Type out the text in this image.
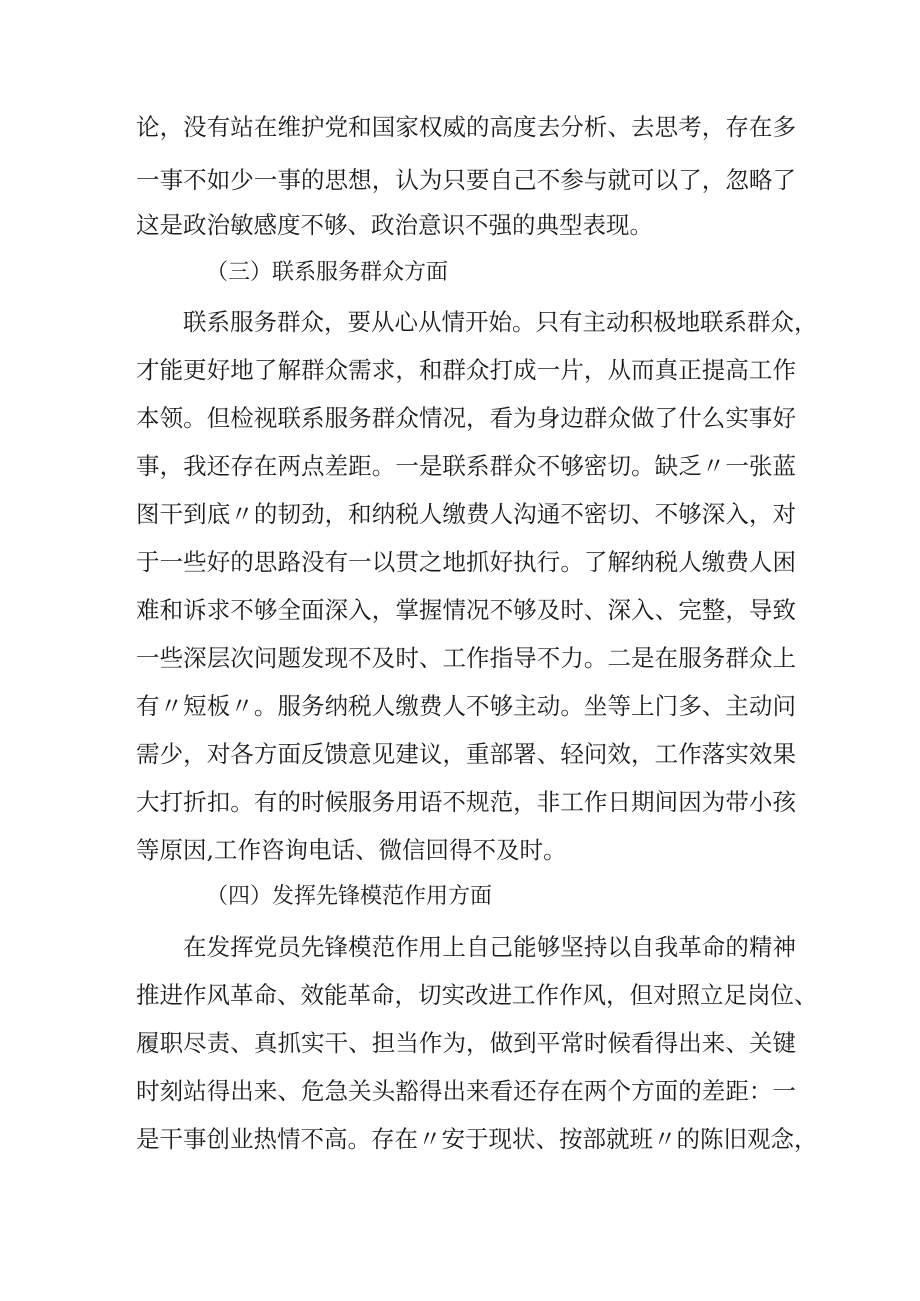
论，没有站在维护党和国家权威的高度去分析、去思考，存在多
一事不如少一事的思想，认为只要自己不参与就可以了，忽略了
这是政治敏感度不够、政治意识不强的典型表现。
（三）联系服务群众方面
联系服务群众，要从心从情开始。只有主动积极地联系群众，
才能更好地了解群众需求，和群众打成一片，从而真正提高工作
本领。但检视联系服务群众情况，看为身边群众做了什么实事好
事，我还存在两点差距。一是联系群众不够密切。缺乏〃一张蓝
图干到底〃的韧劲，和纳税人缴费人沟通不密切、不够深入，对
于一些好的思路没有一以贯之地抓好执行。了解纳税人缴费人困
难和诉求不够全面深入，掌握情况不够及时、深入、完整，导致
一些深层次问题发现不及时、工作指导不力。二是在服务群众上
有〃短板〃。服务纳税人缴费人不够主动。坐等上门多、主动问
需少，对各方面反馈意见建议，重部署、轻问效，工作落实效果
大打折扣。有的时候服务用语不规范，非工作日期间因为带小孩
等原因,工作咨询电话、微信回得不及时。
（四）发挥先锋模范作用方面
在发挥党员先锋模范作用上自己能够坚持以自我革命的精神
推进作风革命、效能革命，切实改进工作作风，但对照立足岗位、
履职尽责、真抓实干、担当作为，做到平常时候看得出来、关键
时刻站得出来、危急关头豁得出来看还存在两个方面的差距：一
是干事创业热情不高。存在〃安于现状、按部就班〃的陈旧观念，
